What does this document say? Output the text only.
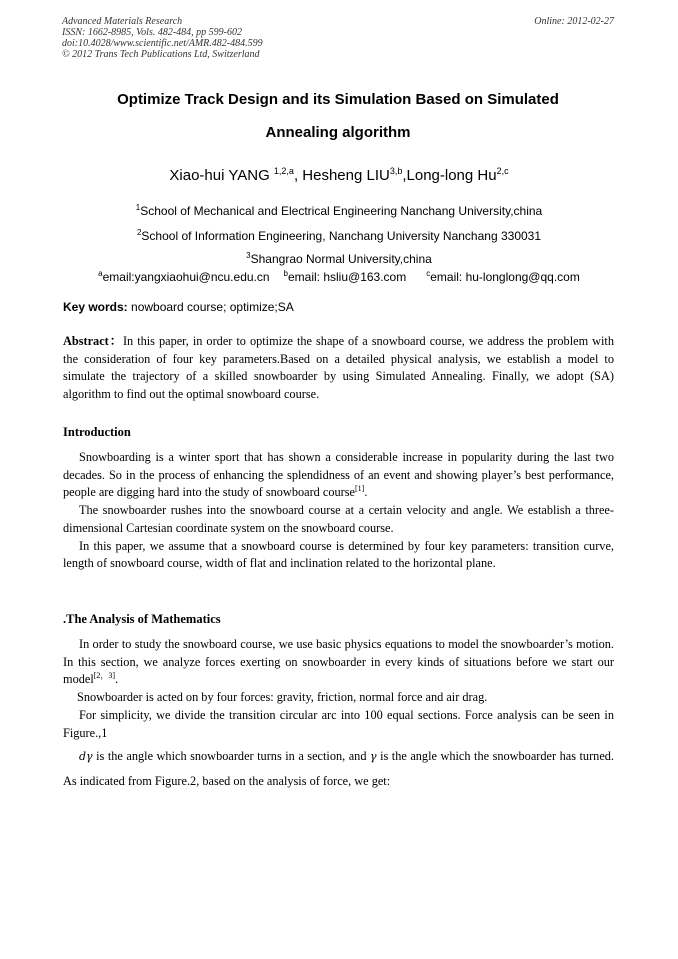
Advanced Materials Research
ISSN: 1662-8985, Vols. 482-484, pp 599-602
doi:10.4028/www.scientific.net/AMR.482-484.599
© 2012 Trans Tech Publications Ltd, Switzerland
Online: 2012-02-27
Optimize Track Design and its Simulation Based on Simulated
Annealing algorithm
Xiao-hui YANG $^{1,2,a}$, Hesheng LIU$^{3,b}$,Long-long Hu$^{2,c}$
$^1$School of Mechanical and Electrical Engineering Nanchang University,china
$^2$School of Information Engineering, Nanchang University Nanchang 330031
$^3$Shangrao Normal University,china
$^a$email:yangxiaohui@ncu.edu.cn $^b$email: hsliu@163.com	$^c$email: hu-longlong@qq.com
Key words: nowboard course; optimize;SA

Abstract：In this paper, in order to optimize the shape of a snowboard course, we address the problem with the consideration of four key parameters.Based on a detailed physical analysis, we establish a model to simulate the trajectory of a skilled snowboarder by using Simulated Annealing. Finally, we adopt (SA) algorithm to find out the optimal snowboard course.

Introduction

Snowboarding is a winter sport that has shown a considerable increase in popularity during the last two decades. So in the process of enhancing the splendidness of an event and showing player’s best performance, people are digging hard into the study of snowboard course[1].

The snowboarder rushes into the snowboard course at a certain velocity and angle. We establish a three-dimensional Cartesian coordinate system on the snowboard course.

In this paper, we assume that a snowboard course is determined by four key parameters: transition curve, length of snowboard course, width of flat and inclination related to the horizontal plane.

.The Analysis of Mathematics

In order to study the snowboard course, we use basic physics equations to model the snowboarder’s motion. In this section, we analyze forces exerting on snowboarder in every kinds of situations before we start our model[2，3].

Snowboarder is acted on by four forces: gravity, friction, normal force and air drag.

For simplicity, we divide the transition circular arc into 100 equal sections. Force analysis can be seen in Figure.,1

dγ is the angle which snowboarder turns in a section, and γ is the angle which the snowboarder has turned. As indicated from Figure.2, based on the analysis of force, we get:
